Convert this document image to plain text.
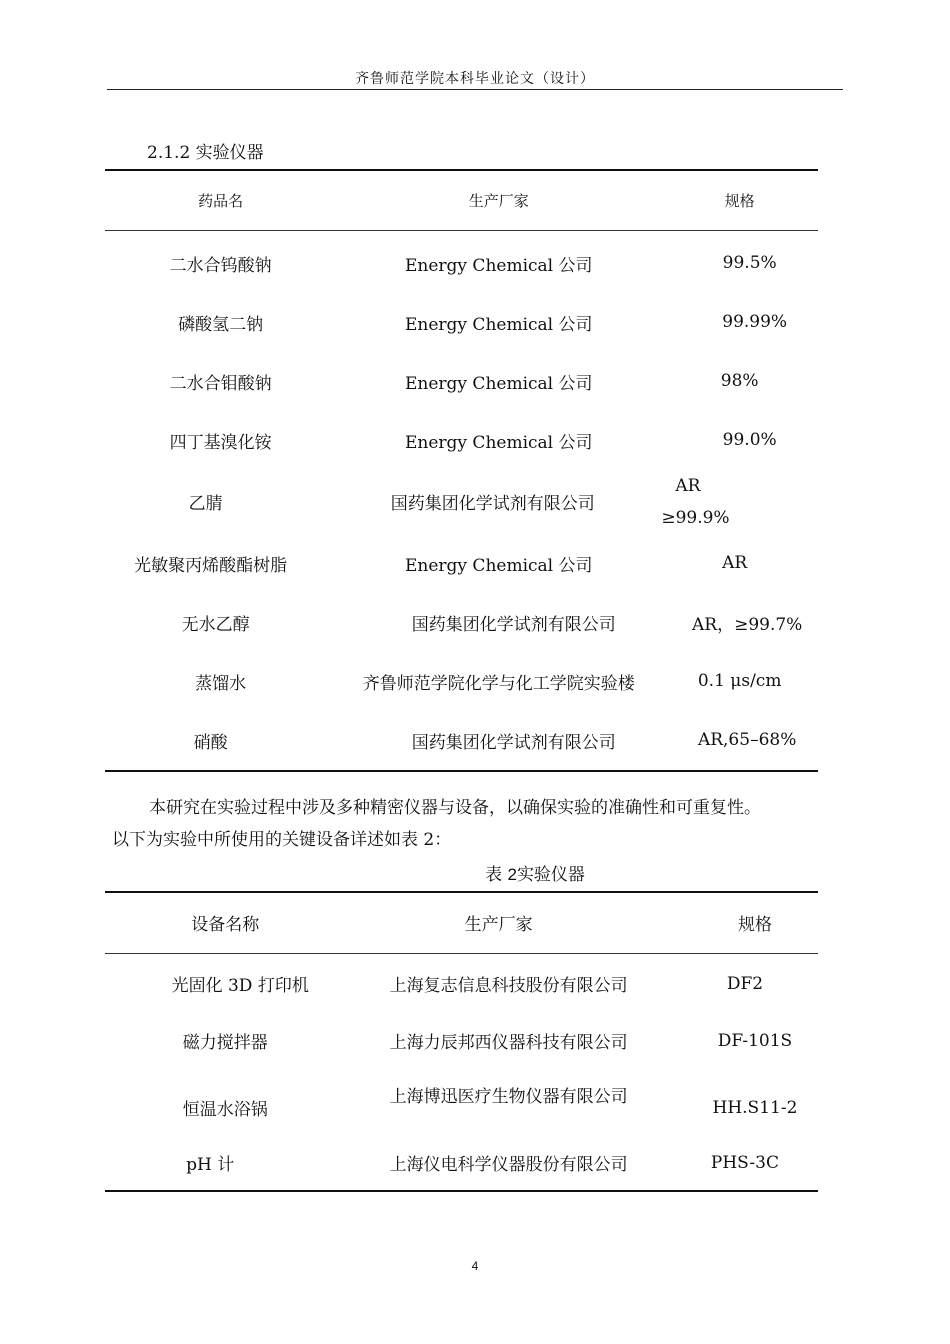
齐鲁师范学院本科毕业论文（设计）
2.1.2 实验仪器
药品名	生产厂家	规格
二水合钨酸钠	Energy Chemical 公司	99.5%
磷酸氢二钠	Energy Chemical 公司	99.99%
二水合钼酸钠	Energy Chemical 公司	98%
四丁基溴化铵	Energy Chemical 公司	99.0%
乙腈	国药集团化学试剂有限公司	AR ≥99.9%

光敏聚丙烯酸酯树脂	Energy Chemical 公司	AR
无水乙醇	国药集团化学试剂有限公司	AR，≥99.7%
蒸馏水	齐鲁师范学院化学与化工学院实验楼	0.1 μs/cm
硝酸	国药集团化学试剂有限公司	AR,65–68%
本研究在实验过程中涉及多种精密仪器与设备，以确保实验的准确性和可重复性。
以下为实验中所使用的关键设备详述如表 2：
表 2实验仪器
设备名称	生产厂家	规格
光固化 3D 打印机	上海复志信息科技股份有限公司	DF2
磁力搅拌器	上海力辰邦西仪器科技有限公司	DF-101S
恒温水浴锅	上海博迅医疗生物仪器有限公司	HH.S11-2
pH 计	上海仪电科学仪器股份有限公司	PHS-3C
4
